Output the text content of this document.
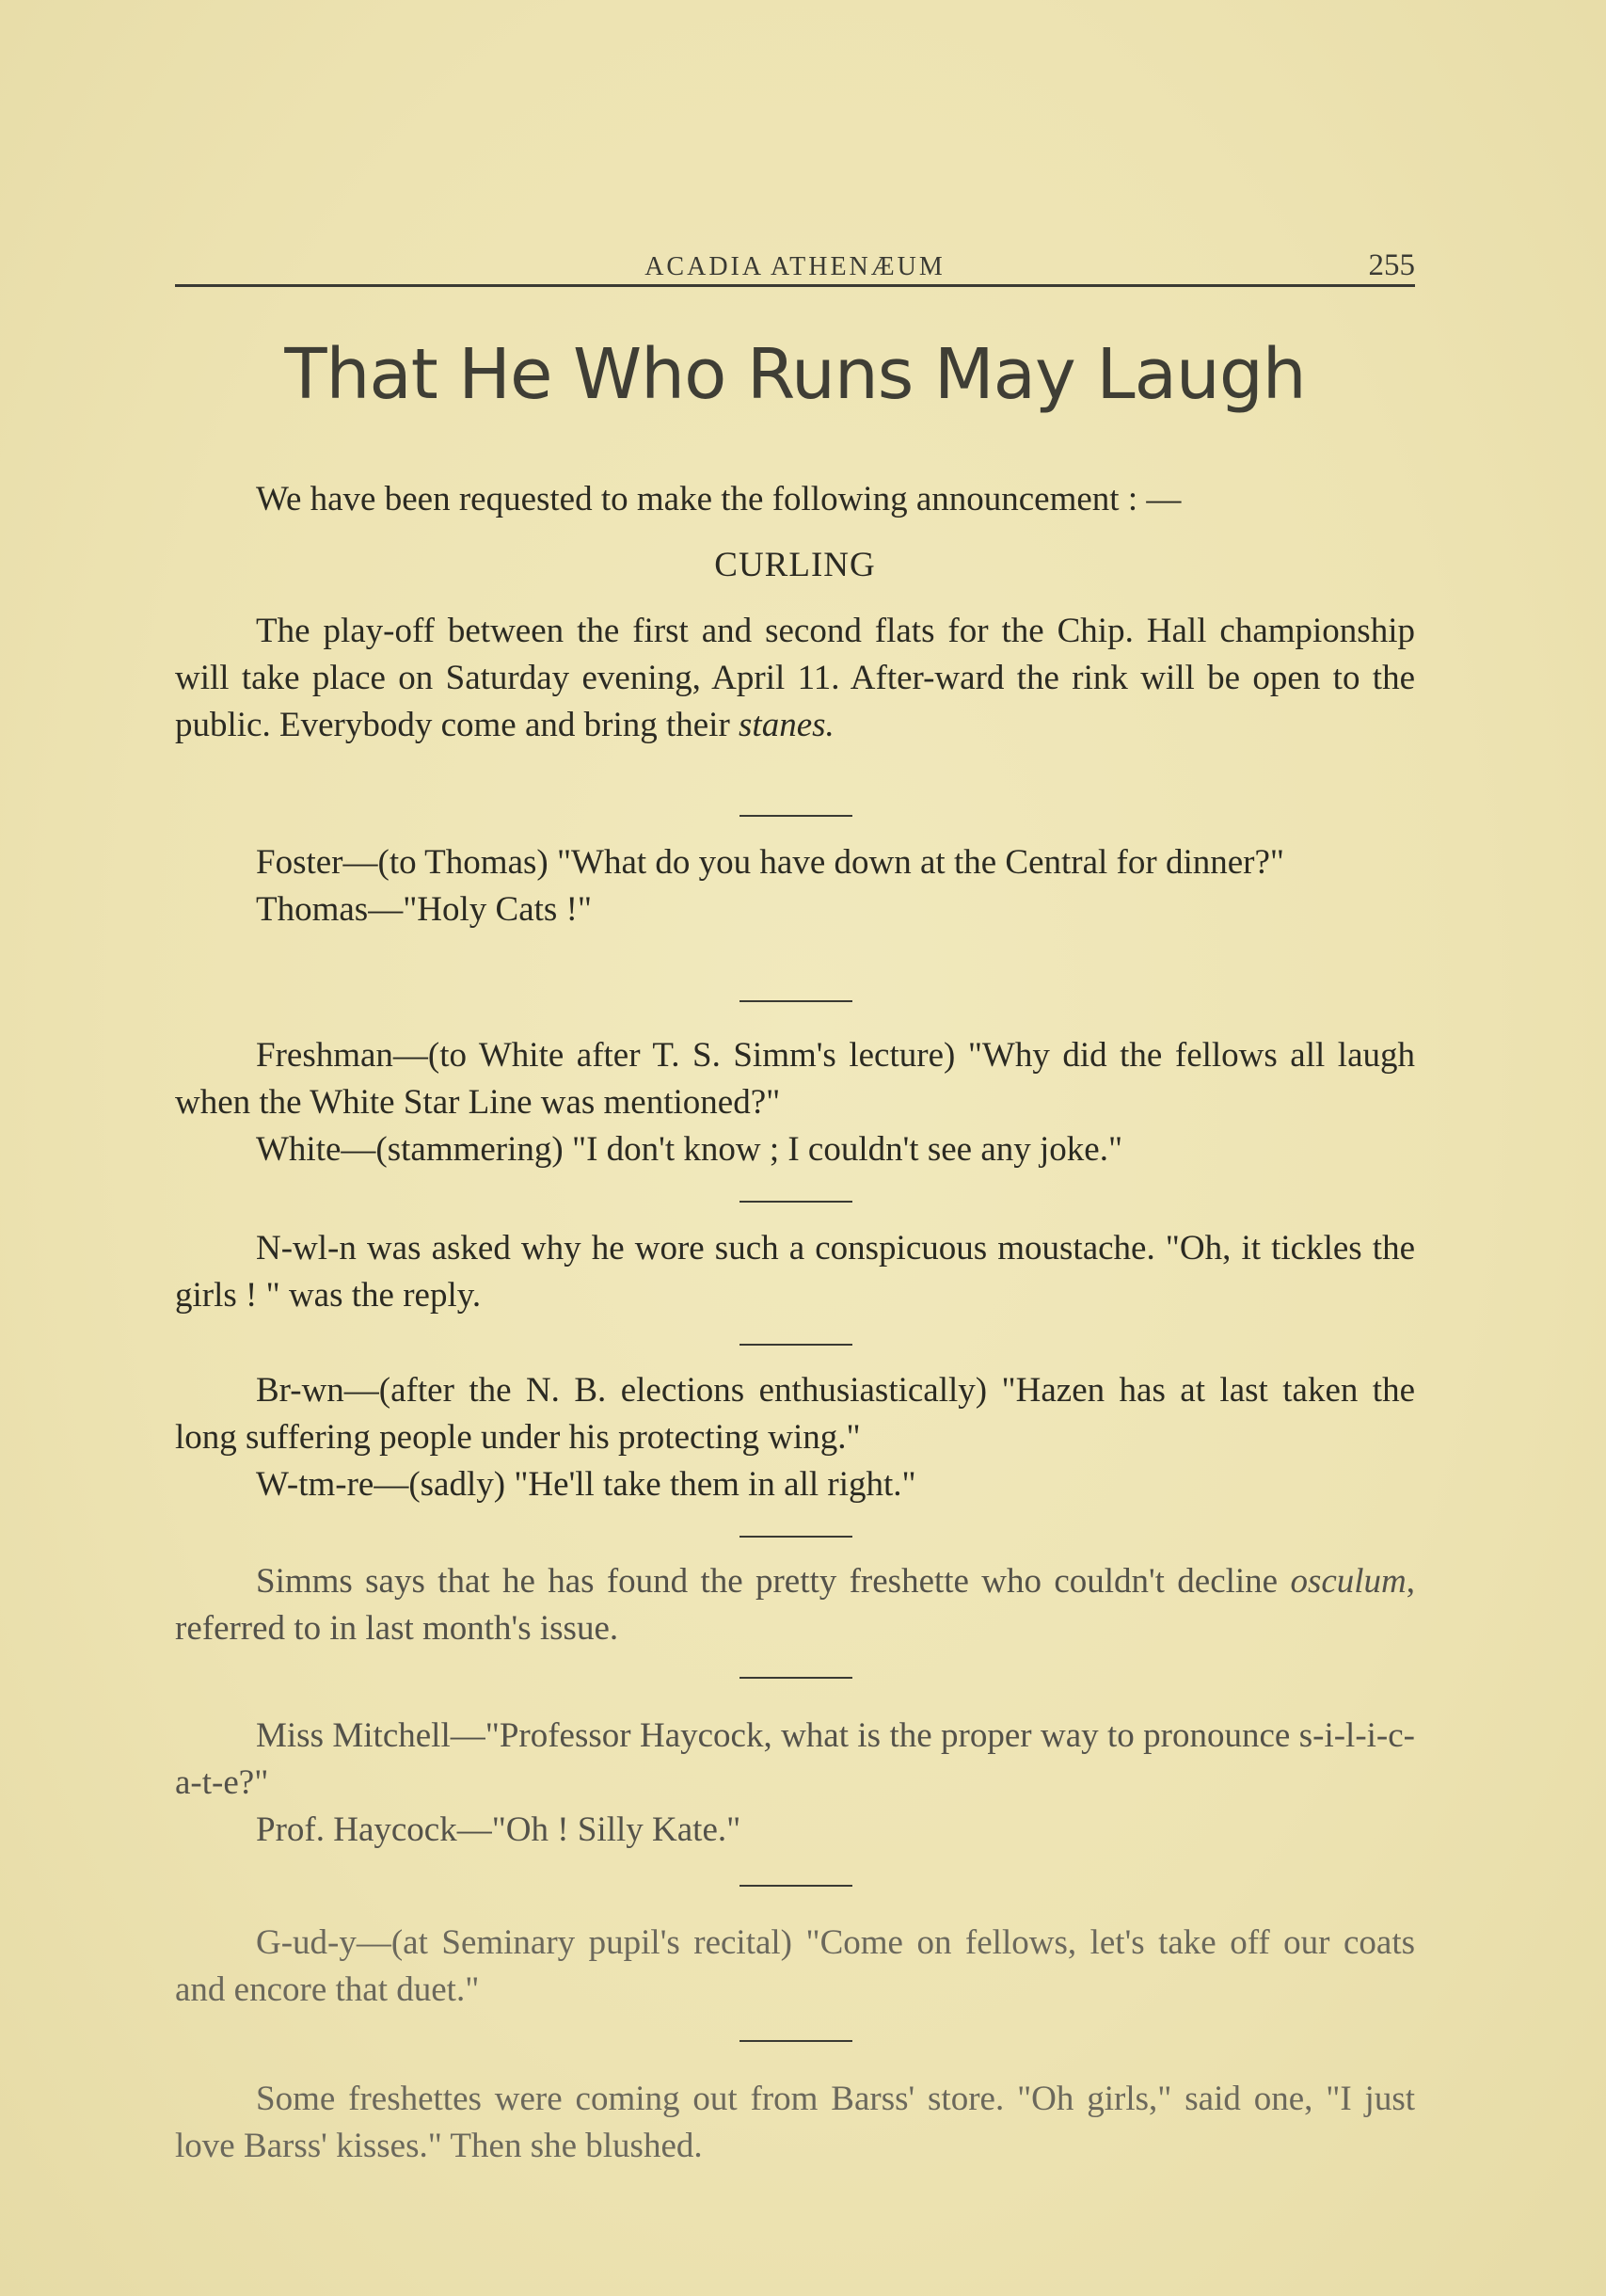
ACADIA ATHENÆUM	255
That He Who Runs May Laugh

We have been requested to make the following announcement : —

CURLING

The play-off between the first and second flats for the Chip. Hall championship will take place on Saturday evening, April 11. After-ward the rink will be open to the public. Everybody come and bring their stanes.

Foster—(to Thomas) "What do you have down at the Central for dinner?"

Thomas—"Holy Cats !"

Freshman—(to White after T. S. Simm's lecture) "Why did the fellows all laugh when the White Star Line was mentioned?"

White—(stammering) "I don't know ; I couldn't see any joke."

N-wl-n was asked why he wore such a conspicuous moustache. "Oh, it tickles the girls ! " was the reply.

Br-wn—(after the N. B. elections enthusiastically) "Hazen has at last taken the long suffering people under his protecting wing."

W-tm-re—(sadly) "He'll take them in all right."

Simms says that he has found the pretty freshette who couldn't decline osculum, referred to in last month's issue.

Miss Mitchell—"Professor Haycock, what is the proper way to pronounce s-i-l-i-c-a-t-e?"

Prof. Haycock—"Oh ! Silly Kate."

G-ud-y—(at Seminary pupil's recital) "Come on fellows, let's take off our coats and encore that duet."

Some freshettes were coming out from Barss' store. "Oh girls," said one, "I just love Barss' kisses." Then she blushed.
